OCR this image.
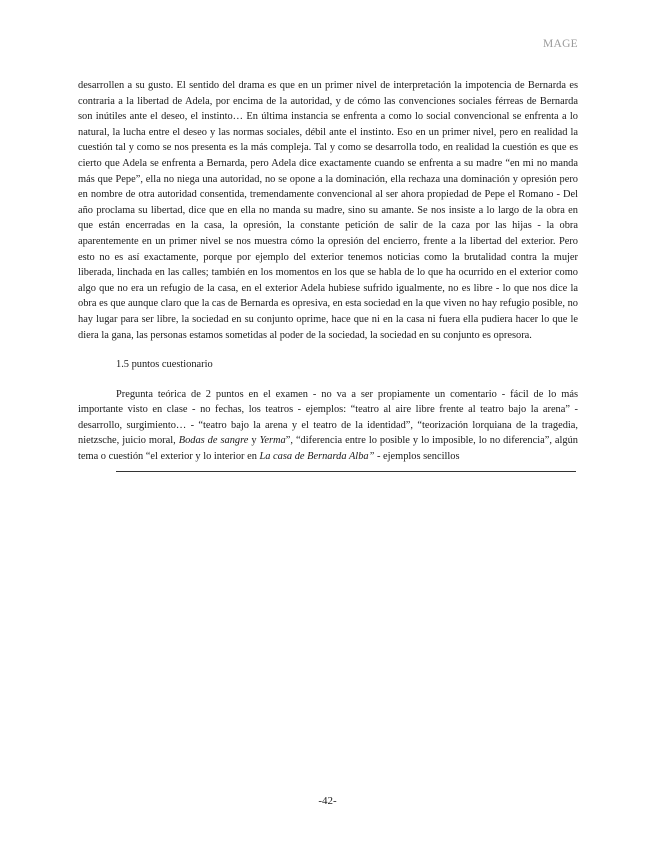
MAGE

desarrollen a su gusto. El sentido del drama es que en un primer nivel de interpretación la impotencia de Bernarda es contraria a la libertad de Adela, por encima de la autoridad, y de cómo las convenciones sociales férreas de Bernarda son inútiles ante el deseo, el instinto… En última instancia se enfrenta a como lo social convencional se enfrenta a lo natural, la lucha entre el deseo y las normas sociales, débil ante el instinto. Eso en un primer nivel, pero en realidad la cuestión tal y como se nos presenta es la más compleja. Tal y como se desarrolla todo, en realidad la cuestión es que es cierto que Adela se enfrenta a Bernarda, pero Adela dice exactamente cuando se enfrenta a su madre “en mi no manda más que Pepe”, ella no niega una autoridad, no se opone a la dominación, ella rechaza una dominación y opresión pero en nombre de otra autoridad consentida, tremendamente convencional al ser ahora propiedad de Pepe el Romano - Del año proclama su libertad, dice que en ella no manda su madre, sino su amante. Se nos insiste a lo largo de la obra en que están encerradas en la casa, la opresión, la constante petición de salir de la caza por las hijas - la obra aparentemente en un primer nivel se nos muestra cómo la opresión del encierro, frente a la libertad del exterior. Pero esto no es así exactamente, porque por ejemplo del exterior tenemos noticias como la brutalidad contra la mujer liberada, linchada en las calles; también en los momentos en los que se habla de lo que ha ocurrido en el exterior como algo que no era un refugio de la casa, en el exterior Adela hubiese sufrido igualmente, no es libre - lo que nos dice la obra es que aunque claro que la cas de Bernarda es opresiva, en esta sociedad en la que viven no hay refugio posible, no hay lugar para ser libre, la sociedad en su conjunto oprime, hace que ni en la casa ni fuera ella pudiera hacer lo que le diera la gana, las personas estamos sometidas al poder de la sociedad, la sociedad en su conjunto es opresora.

1.5 puntos cuestionario

Pregunta teórica de 2 puntos en el examen - no va a ser propiamente un comentario - fácil de lo más importante visto en clase - no fechas, los teatros - ejemplos: “teatro al aire libre frente al teatro bajo la arena” - desarrollo, surgimiento… - “teatro bajo la arena y el teatro de la identidad”, “teorización lorquiana de la tragedia, nietzsche, juicio moral, Bodas de sangre y Yerma”, “diferencia entre lo posible y lo imposible, lo no diferencia”, algún tema o cuestión “el exterior y lo interior en La casa de Bernarda Alba” - ejemplos sencillos

-42-
